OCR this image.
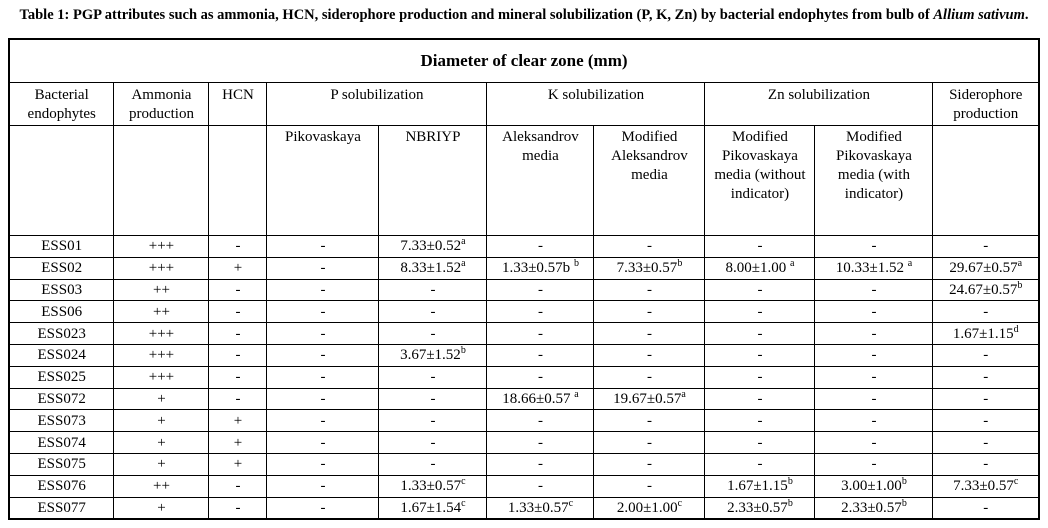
Table 1: PGP attributes such as ammonia, HCN, siderophore production and mineral solubilization (P, K, Zn) by bacterial endophytes from bulb of Allium sativum.
Diameter of clear zone (mm)									
Bacterial endophytes	Ammonia production	HCN	P solubilization		K solubilization		Zn solubilization		Siderophore production
			Pikovaskaya	NBRIYP	Aleksandrov media	Modified Aleksandrov media	Modified Pikovaskaya media (without indicator)	Modified Pikovaskaya media (with indicator)	
ESS01	+++	-	-	7.33±0.52$^a$	-	-	-	-	-
ESS02	+++	+	-	8.33±1.52$^a$	1.33±0.57b $^b$	7.33±0.57$^b$	8.00±1.00 $^a$	10.33±1.52 $^a$	29.67±0.57$^a$
ESS03	++	-	-	-	-	-	-	-	24.67±0.57$^b$
ESS06	++	-	-	-	-	-	-	-	-
ESS023	+++	-	-	-	-	-	-	-	1.67±1.15$^d$
ESS024	+++	-	-	3.67±1.52$^b$	-	-	-	-	-
ESS025	+++	-	-	-	-	-	-	-	-
ESS072	+	-	-	-	18.66±0.57 $^a$	19.67±0.57$^a$	-	-	-
ESS073	+	+	-	-	-	-	-	-	-
ESS074	+	+	-	-	-	-	-	-	-
ESS075	+	+	-	-	-	-	-	-	-
ESS076	++	-	-	1.33±0.57$^c$	-	-	1.67±1.15$^b$	3.00±1.00$^b$	7.33±0.57$^c$
ESS077	+	-	-	1.67±1.54$^c$	1.33±0.57$^c$	2.00±1.00$^c$	2.33±0.57$^b$	2.33±0.57$^b$	-
